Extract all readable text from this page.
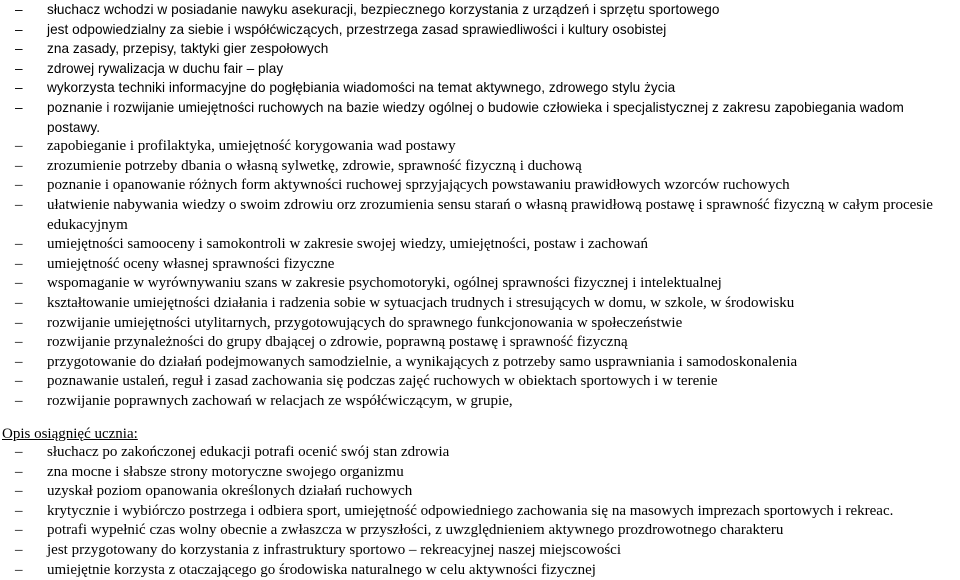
–	słuchacz wchodzi w posiadanie nawyku asekuracji, bezpiecznego korzystania z urządzeń i sprzętu sportowego
–	jest odpowiedzialny za siebie i współćwiczących, przestrzega zasad sprawiedliwości i kultury osobistej
–	zna zasady, przepisy, taktyki gier zespołowych
–	zdrowej rywalizacja w duchu fair – play
–	wykorzysta techniki informacyjne do pogłębiania wiadomości na temat aktywnego, zdrowego stylu życia
–	poznanie i rozwijanie umiejętności ruchowych na bazie wiedzy ogólnej o budowie człowieka i specjalistycznej z zakresu zapobiegania wadom postawy.
–	zapobieganie i profilaktyka, umiejętność korygowania wad postawy
–	zrozumienie potrzeby dbania o własną sylwetkę, zdrowie, sprawność fizyczną i duchową
–	poznanie i opanowanie różnych form aktywności ruchowej sprzyjających powstawaniu prawidłowych wzorców ruchowych
–	ułatwienie nabywania wiedzy o swoim zdrowiu orz zrozumienia sensu starań o własną prawidłową postawę i sprawność fizyczną w całym procesie edukacyjnym
–	umiejętności samooceny i samokontroli w zakresie swojej wiedzy, umiejętności, postaw i zachowań
–	umiejętność oceny własnej sprawności fizyczne
–	wspomaganie w wyrównywaniu szans w zakresie psychomotoryki, ogólnej sprawności fizycznej i intelektualnej
–	kształtowanie umiejętności działania i radzenia sobie w sytuacjach trudnych i stresujących w domu, w szkole, w środowisku
–	rozwijanie umiejętności utylitarnych, przygotowujących do sprawnego funkcjonowania w społeczeństwie
–	rozwijanie przynależności do grupy dbającej o zdrowie, poprawną postawę i sprawność fizyczną
–	przygotowanie do działań podejmowanych samodzielnie, a wynikających z potrzeby samo usprawniania i samodoskonalenia
–	poznawanie ustaleń, reguł i zasad zachowania się podczas zajęć ruchowych w obiektach sportowych i w terenie
–	rozwijanie poprawnych zachowań w relacjach ze współćwiczącym, w grupie,
Opis osiągnięć ucznia:
–	słuchacz po zakończonej edukacji potrafi ocenić swój stan zdrowia
–	zna mocne i słabsze strony motoryczne swojego organizmu
–	uzyskał poziom opanowania określonych działań ruchowych
–	krytycznie i wybiórczo postrzega i odbiera sport, umiejętność odpowiedniego zachowania się na masowych imprezach sportowych i rekreac.
–	potrafi wypełnić czas wolny obecnie a zwłaszcza w przyszłości, z uwzględnieniem aktywnego prozdrowotnego charakteru
–	jest przygotowany do korzystania z infrastruktury sportowo – rekreacyjnej naszej miejscowości
–	umiejętnie korzysta z otaczającego go środowiska naturalnego w celu aktywności fizycznej
